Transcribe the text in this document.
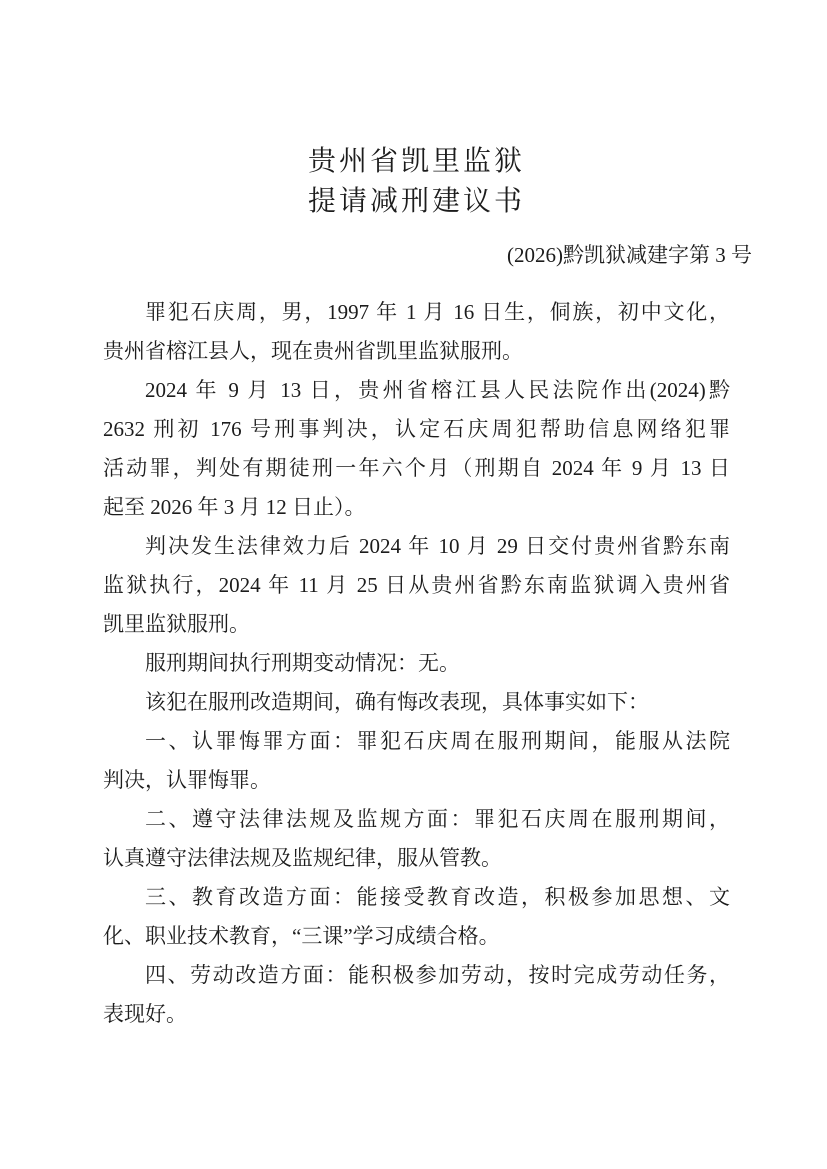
贵州省凯里监狱
提请减刑建议书
(2026)黔凯狱减建字第 3 号

罪犯石庆周，男，1997 年 1 月 16 日生，侗族，初中文化，
贵州省榕江县人，现在贵州省凯里监狱服刑。

2024 年 9 月 13 日，贵州省榕江县人民法院作出(2024)黔
2632 刑初 176 号刑事判决，认定石庆周犯帮助信息网络犯罪
活动罪，判处有期徒刑一年六个月（刑期自 2024 年 9 月 13 日
起至 2026 年 3 月 12 日止）。

判决发生法律效力后 2024 年 10 月 29 日交付贵州省黔东南
监狱执行，2024 年 11 月 25 日从贵州省黔东南监狱调入贵州省
凯里监狱服刑。

服刑期间执行刑期变动情况：无。

该犯在服刑改造期间，确有悔改表现，具体事实如下：

一、认罪悔罪方面：罪犯石庆周在服刑期间，能服从法院
判决，认罪悔罪。

二、遵守法律法规及监规方面：罪犯石庆周在服刑期间，
认真遵守法律法规及监规纪律，服从管教。

三、教育改造方面：能接受教育改造，积极参加思想、文
化、职业技术教育，“三课”学习成绩合格。

四、劳动改造方面：能积极参加劳动，按时完成劳动任务，
表现好。
